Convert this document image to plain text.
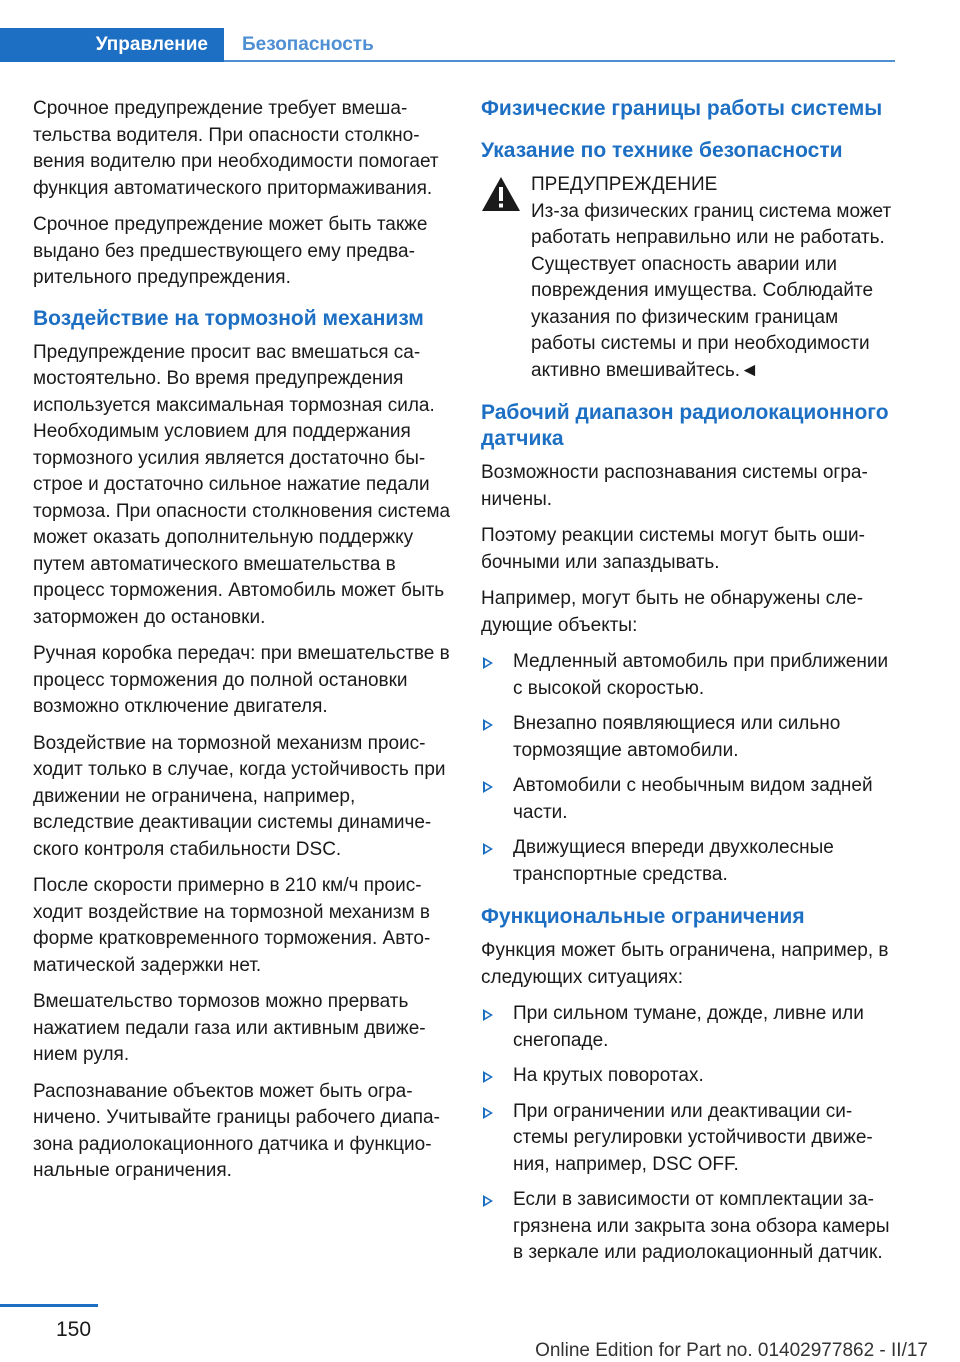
Управление	Безопасность

Срочное предупреждение требует вмешательства водителя. При опасности столкновения водителю при необходимости помогает функция автоматического притормаживания.

Срочное предупреждение может быть также выдано без предшествующего ему предварительного предупреждения.

Воздействие на тормозной механизм

Предупреждение просит вас вмешаться самостоятельно. Во время предупреждения используется максимальная тормозная сила. Необходимым условием для поддержания тормозного усилия является достаточно быстрое и достаточно сильное нажатие педали тормоза. При опасности столкновения система может оказать дополнительную поддержку путем автоматического вмешательства в процесс торможения. Автомобиль может быть заторможен до остановки.

Ручная коробка передач: при вмешательстве в процесс торможения до полной остановки возможно отключение двигателя.

Воздействие на тормозной механизм происходит только в случае, когда устойчивость при движении не ограничена, например, вследствие деактивации системы динамического контроля стабильности DSC.

После скорости примерно в 210 км/ч происходит воздействие на тормозной механизм в форме кратковременного торможения. Автоматической задержки нет.

Вмешательство тормозов можно прервать нажатием педали газа или активным движением руля.

Распознавание объектов может быть ограничено. Учитывайте границы рабочего диапазона радиолокационного датчика и функциональные ограничения.

Физические границы работы системы
Указание по технике безопасности
ПРЕДУПРЕЖДЕНИЕ
Из-за физических границ система может работать неправильно или не работать. Существует опасность аварии или повреждения имущества. Соблюдайте указания по физическим границам работы системы и при необходимости активно вмешивайтесь.◄
Рабочий диапазон радиолокационного датчика

Возможности распознавания системы ограничены.

Поэтому реакции системы могут быть ошибочными или запаздывать.

Например, могут быть не обнаружены следующие объекты:

Медленный автомобиль при приближении с высокой скоростью.
Внезапно появляющиеся или сильно тормозящие автомобили.
Автомобили с необычным видом задней части.
Движущиеся впереди двухколесные транспортные средства.
Функциональные ограничения

Функция может быть ограничена, например, в следующих ситуациях:

При сильном тумане, дожде, ливне или снегопаде.
На крутых поворотах.
При ограничении или деактивации системы регулировки устойчивости движения, например, DSC OFF.
Если в зависимости от комплектации загрязнена или закрыта зона обзора камеры в зеркале или радиолокационный датчик.
150
Online Edition for Part no. 01402977862 - II/17
